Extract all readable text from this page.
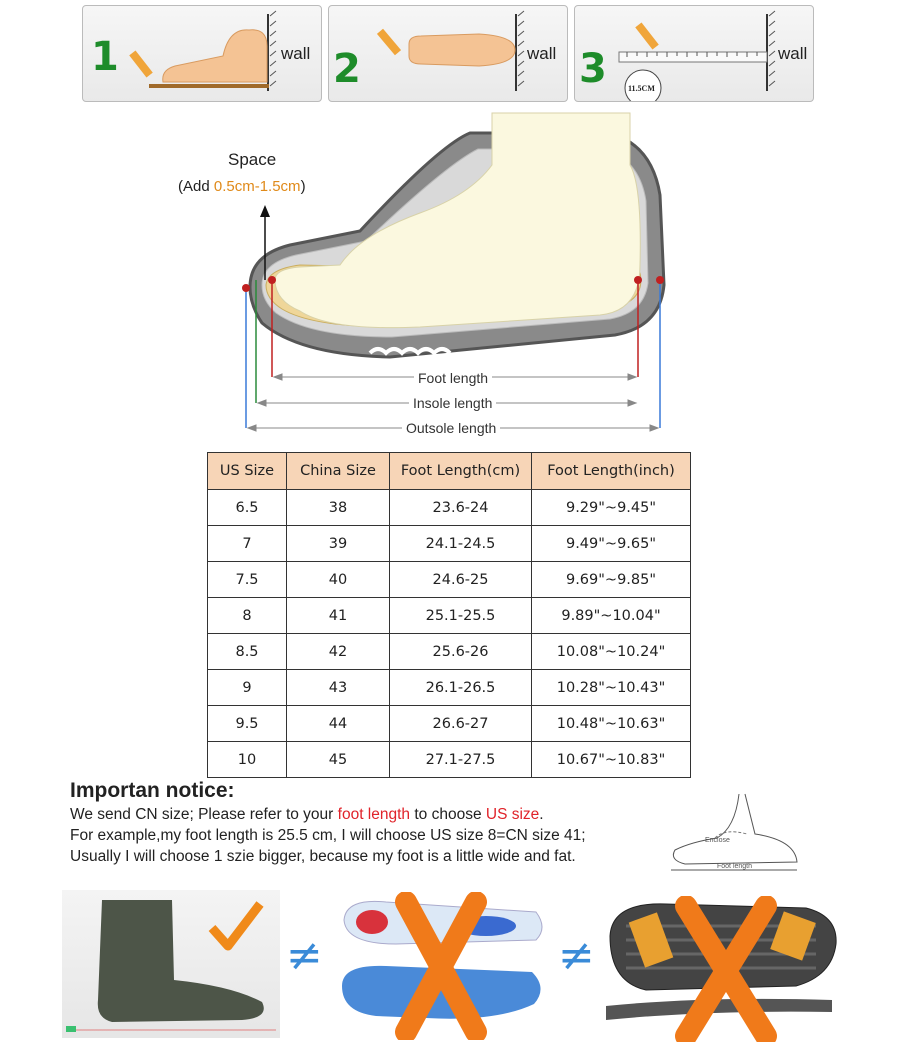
1	wall 2	wall 3	11.5CM
wall
Space
(Add 0.5cm-1.5cm)
Foot length
Insole length
Outsole length
US Size	China Size	Foot Length(cm)	Foot Length(inch)
6.5	38	23.6-24	9.29"~9.45"
7	39	24.1-24.5	9.49"~9.65"
7.5	40	24.6-25	9.69"~9.85"
8	41	25.1-25.5	9.89"~10.04"
8.5	42	25.6-26	10.08"~10.24"
9	43	26.1-26.5	10.28"~10.43"
9.5	44	26.6-27	10.48"~10.63"
10	45	27.1-27.5	10.67"~10.83"
Importan notice:
We send CN size; Please refer to your foot length to choose US size.
For example,my foot length is 25.5 cm, I will choose US size 8=CN size 41;
Usually I will choose 1 szie bigger, because my foot is a little wide and fat.
Enclose
Foot length
≠	≠
